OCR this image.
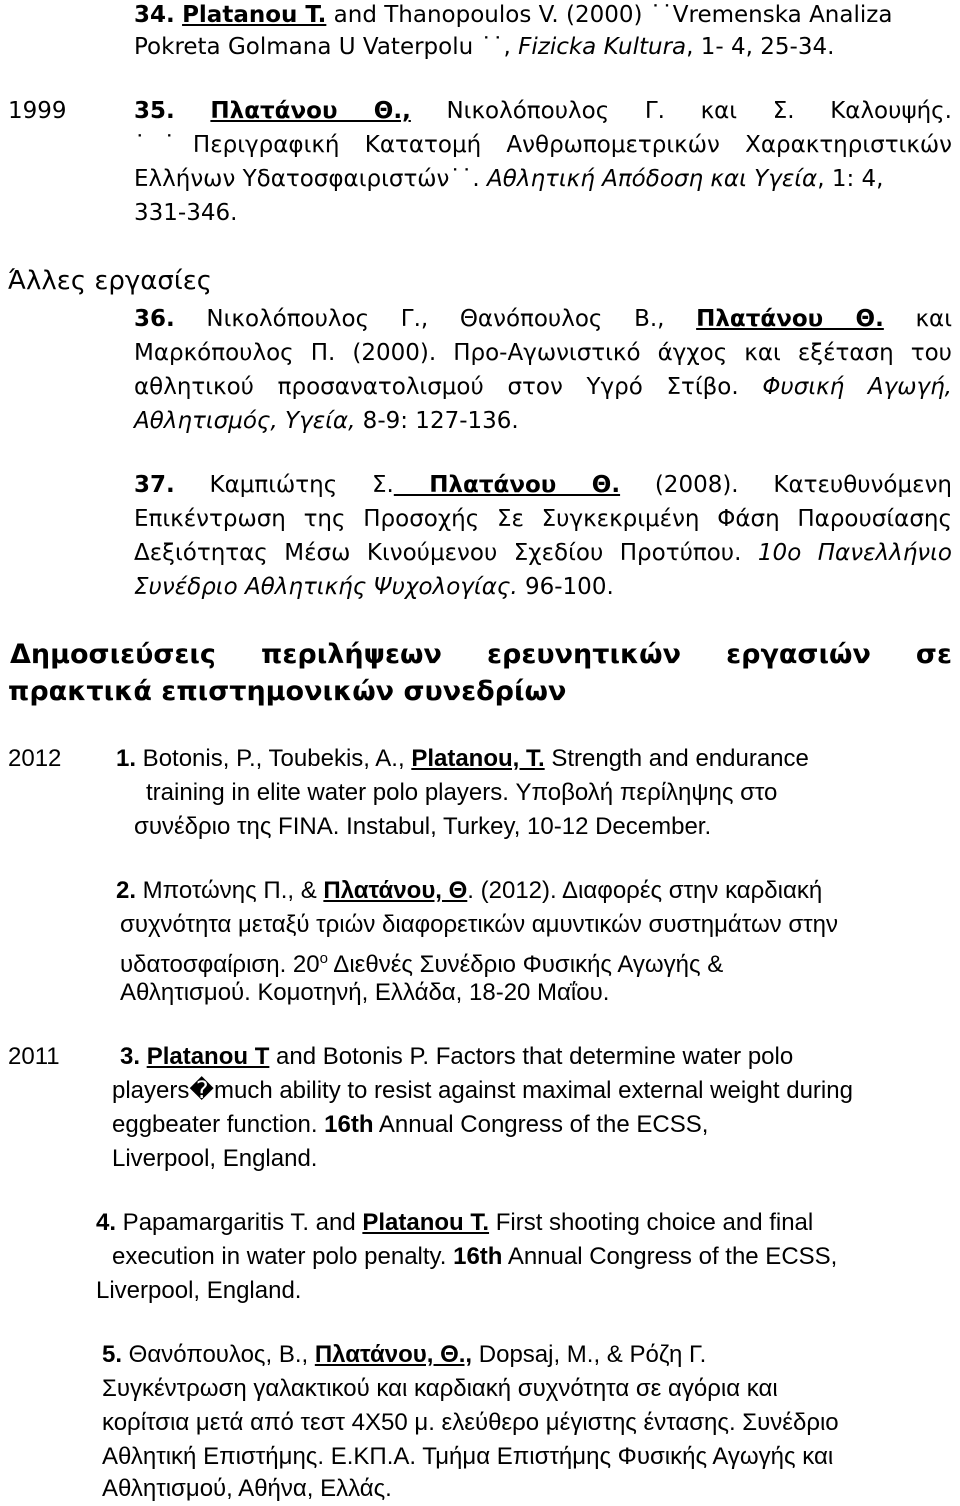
34. Platanou T. and Thanopoulos V. (2000) ˙˙Vremenska Analiza
Pokreta Golmana U Vaterpolu ˙˙, Fizicka Kultura, 1- 4, 25-34.
1999	35. Πλατάνου Θ., Νικολόπουλος Γ. και Σ. Καλουψής.
˙˙Περιγραφική Κατατομή Ανθρωπομετρικών Χαρακτηριστικών
Ελλήνων Υδατοσφαιριστών˙˙. Αθλητική Απόδοση και Υγεία, 1: 4,
331-346.
Άλλες εργασίες
36. Νικολόπουλος Γ., Θανόπουλος Β., Πλατάνου Θ. και
Μαρκόπουλος Π. (2000). Προ-Αγωνιστικό άγχος και εξέταση του
αθλητικού προσανατολισμού στον Υγρό Στίβο. Φυσική Αγωγή,
Αθλητισμός, Υγεία, 8-9: 127-136.
37. Καμπιώτης Σ. Πλατάνου Θ. (2008). Κατευθυνόμενη
Επικέντρωση της Προσοχής Σε Συγκεκριμένη Φάση Παρουσίασης
Δεξιότητας Μέσω Κινούμενου Σχεδίου Προτύπου. 10ο Πανελλήνιο
Συνέδριο Αθλητικής Ψυχολογίας. 96-100.
Δημοσιεύσεις περιλήψεων ερευνητικών εργασιών σε
πρακτικά επιστημονικών συνεδρίων
2012 1. Botonis, P., Toubekis, A., Platanou, T. Strength and endurance
training in elite water polo players. Υποβολή περίληψης στο
συνέδριο της FINA. Instabul, Turkey, 10-12 December.
2. Μποτώνης Π., & Πλατάνου, Θ. (2012). Διαφορές στην καρδιακή
συχνότητα μεταξύ τριών διαφορετικών αμυντικών συστημάτων στην
υδατοσφαίριση. $20^o$ Διεθνές Συνέδριο Φυσικής Αγωγής &
Αθλητισμού. Κομοτηνή, Ελλάδα, 18-20 Μαΐου.
2011	3. Platanou T and Botonis P. Factors that determine water polo
players�much ability to resist against maximal external weight during
eggbeater function. 16th Annual Congress of the ECSS,
Liverpool, England.
4. Papamargaritis T. and Platanou T. First shooting choice and final
execution in water polo penalty. 16th Annual Congress of the ECSS,
Liverpool, England.
5. Θανόπουλος, Β., Πλατάνου, Θ., Dopsaj, M., & Ρόζη Γ.
Συγκέντρωση γαλακτικού και καρδιακή συχνότητα σε αγόρια και
κορίτσια μετά από τεστ 4Χ50 μ. ελεύθερο μέγιστης έντασης. Συνέδριο
Αθλητική Επιστήμης. Ε.ΚΠ.Α. Τμήμα Επιστήμης Φυσικής Αγωγής και
Αθλητισμού, Αθήνα, Ελλάς.
